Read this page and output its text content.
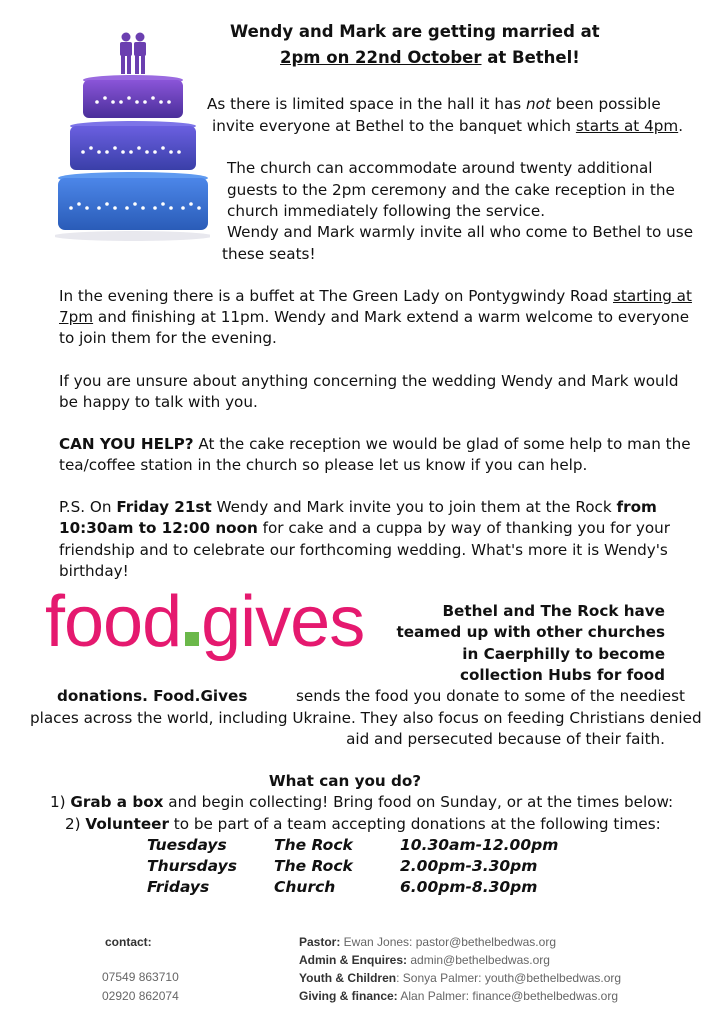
Wendy and Mark are getting married at
2pm on 22nd October at Bethel!
As there is limited space in the hall it has not been possible
invite everyone at Bethel to the banquet which starts at 4pm.
The church can accommodate around twenty additional
guests to the 2pm ceremony and the cake reception in the
church immediately following the service.
Wendy and Mark warmly invite all who come to Bethel to use
these seats!
In the evening there is a buffet at The Green Lady on Pontygwindy Road starting at
7pm and finishing at 11pm. Wendy and Mark extend a warm welcome to everyone
to join them for the evening.
If you are unsure about anything concerning the wedding Wendy and Mark would
be happy to talk with you.
CAN YOU HELP? At the cake reception we would be glad of some help to man the
tea/coffee station in the church so please let us know if you can help.
P.S. On Friday 21st Wendy and Mark invite you to join them at the Rock from
10:30am to 12:00 noon for cake and a cuppa by way of thanking you for your
friendship and to celebrate our forthcoming wedding. What's more it is Wendy's
birthday!
food gives	Bethel and The Rock have
teamed up with other churches
in Caerphilly to become
collection Hubs for food
donations. Food.Gives	sends the food you donate to some of the neediest
places across the world, including Ukraine. They also focus on feeding Christians denied
aid and persecuted because of their faith.
What can you do?
1) Grab a box and begin collecting! Bring food on Sunday, or at the times below:
2) Volunteer to be part of a team accepting donations at the following times:
Tuesdays	The Rock	10.30am-12.00pm
Thursdays The Rock	2.00pm-3.30pm
Fridays	Church	6.00pm-8.30pm
contact:
07549 863710
02920 862074
Pastor: Ewan Jones: pastor@bethelbedwas.org
Admin & Enquires: admin@bethelbedwas.org
Youth & Children: Sonya Palmer: youth@bethelbedwas.org
Giving & finance: Alan Palmer: finance@bethelbedwas.org
